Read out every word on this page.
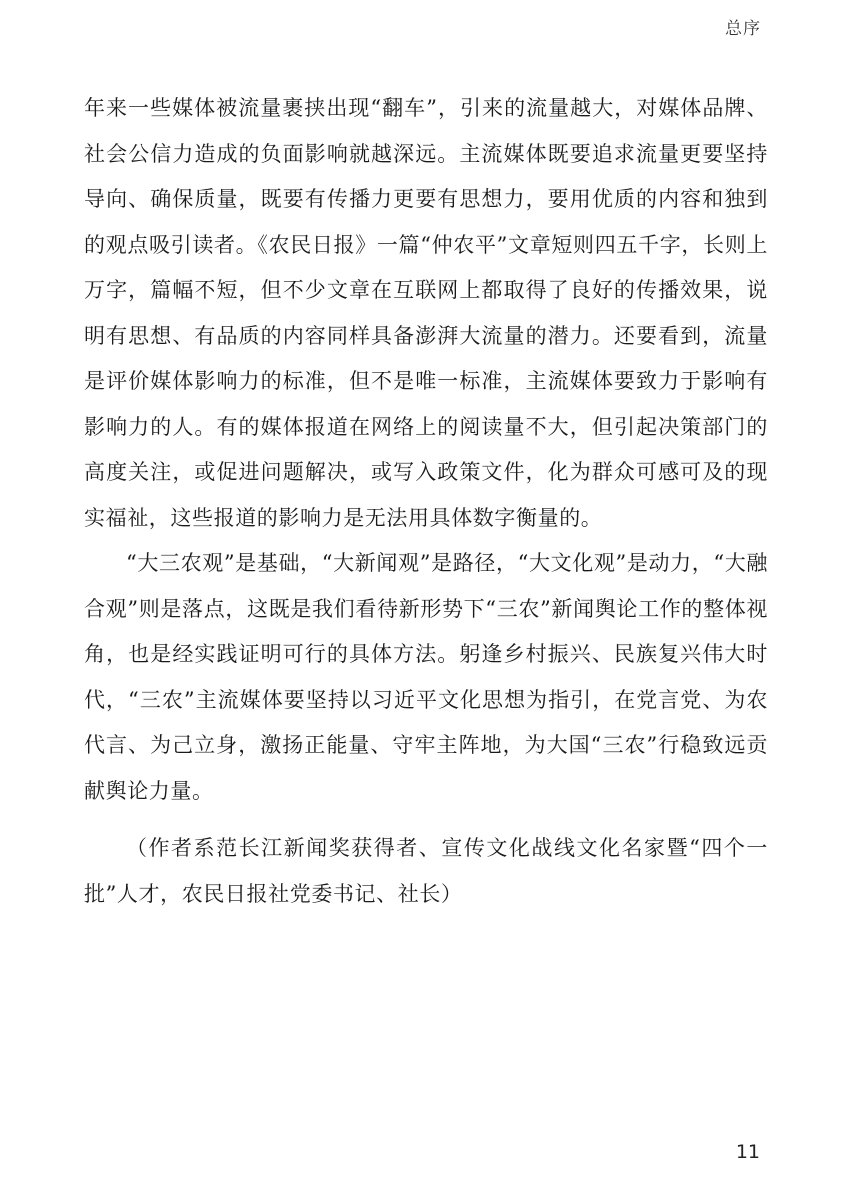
总序

年来一些媒体被流量裹挟出现“翻车”，引来的流量越大，对媒体品牌、社会公信力造成的负面影响就越深远。主流媒体既要追求流量更要坚持导向、确保质量，既要有传播力更要有思想力，要用优质的内容和独到的观点吸引读者。《农民日报》一篇“仲农平”文章短则四五千字，长则上万字，篇幅不短，但不少文章在互联网上都取得了良好的传播效果，说明有思想、有品质的内容同样具备澎湃大流量的潜力。还要看到，流量是评价媒体影响力的标准，但不是唯一标准，主流媒体要致力于影响有影响力的人。有的媒体报道在网络上的阅读量不大，但引起决策部门的高度关注，或促进问题解决，或写入政策文件，化为群众可感可及的现实福祉，这些报道的影响力是无法用具体数字衡量的。

“大三农观”是基础，“大新闻观”是路径，“大文化观”是动力，“大融合观”则是落点，这既是我们看待新形势下“三农”新闻舆论工作的整体视角，也是经实践证明可行的具体方法。躬逢乡村振兴、民族复兴伟大时代，“三农”主流媒体要坚持以习近平文化思想为指引，在党言党、为农代言、为己立身，激扬正能量、守牢主阵地，为大国“三农”行稳致远贡献舆论力量。

（作者系范长江新闻奖获得者、宣传文化战线文化名家暨“四个一批”人才，农民日报社党委书记、社长）

11
